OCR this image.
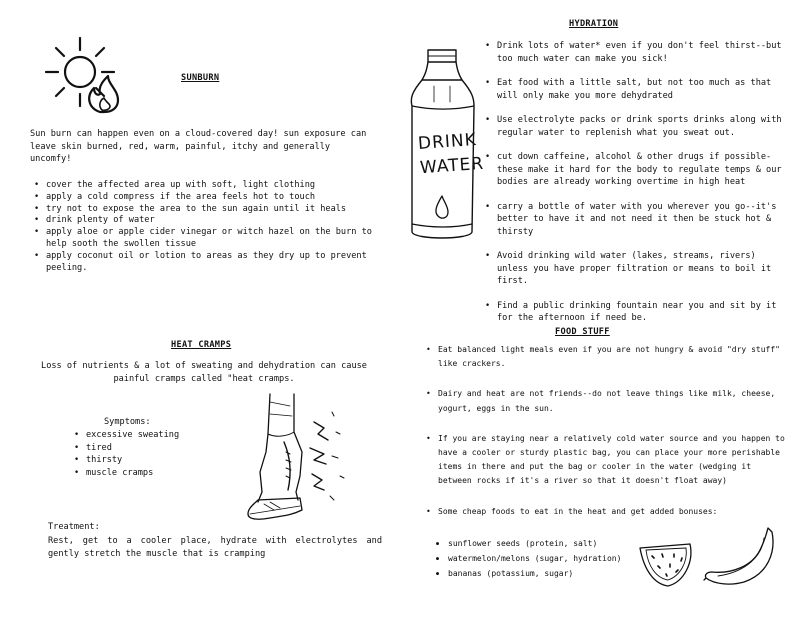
SUNBURN
Sun burn can happen even on a cloud-covered day! sun exposure can leave skin burned, red, warm, painful, itchy and generally uncomfy!
• cover the affected area up with soft, light clothing
• apply a cold compress if the area feels hot to touch
• try not to expose the area to the sun again until it heals
• drink plenty of water
• apply aloe or apple cider vinegar or witch hazel on the burn to help sooth the swollen tissue
• apply coconut oil or lotion to areas as they dry up to prevent peeling.
HEAT CRAMPS
Loss of nutrients & a lot of sweating and dehydration can cause painful cramps called "heat cramps.
Symptoms:
• excessive sweating
• tired
• thirsty
• muscle cramps
Treatment:
Rest, get to a cooler place, hydrate with electrolytes and gently stretch the muscle that is cramping
HYDRATION
DRINK
WATER
• Drink lots of water* even if you don't feel thirst--but too much water can make you sick!
• Eat food with a little salt, but not too much as that will only make you more dehydrated
• Use electrolyte packs or drink sports drinks along with regular water to replenish what you sweat out.
• cut down caffeine, alcohol & other drugs if possible-these make it hard for the body to regulate temps & our bodies are already working overtime in high heat
• carry a bottle of water with you wherever you go--it's better to have it and not need it then be stuck hot & thirsty
• Avoid drinking wild water (lakes, streams, rivers) unless you have proper filtration or means to boil it first.
• Find a public drinking fountain near you and sit by it for the afternoon if need be.
FOOD STUFF
• Eat balanced light meals even if you are not hungry & avoid "dry stuff" like crackers.
• Dairy and heat are not friends--do not leave things like milk, cheese, yogurt, eggs in the sun.
• If you are staying near a relatively cold water source and you happen to have a cooler or sturdy plastic bag, you can place your more perishable items in there and put the bag or cooler in the water (wedging it between rocks if it's a river so that it doesn't float away)
• Some cheap foods to eat in the heat and get added bonuses:
● sunflower seeds (protein, salt)
● watermelon/melons (sugar, hydration)
● bananas (potassium, sugar)
